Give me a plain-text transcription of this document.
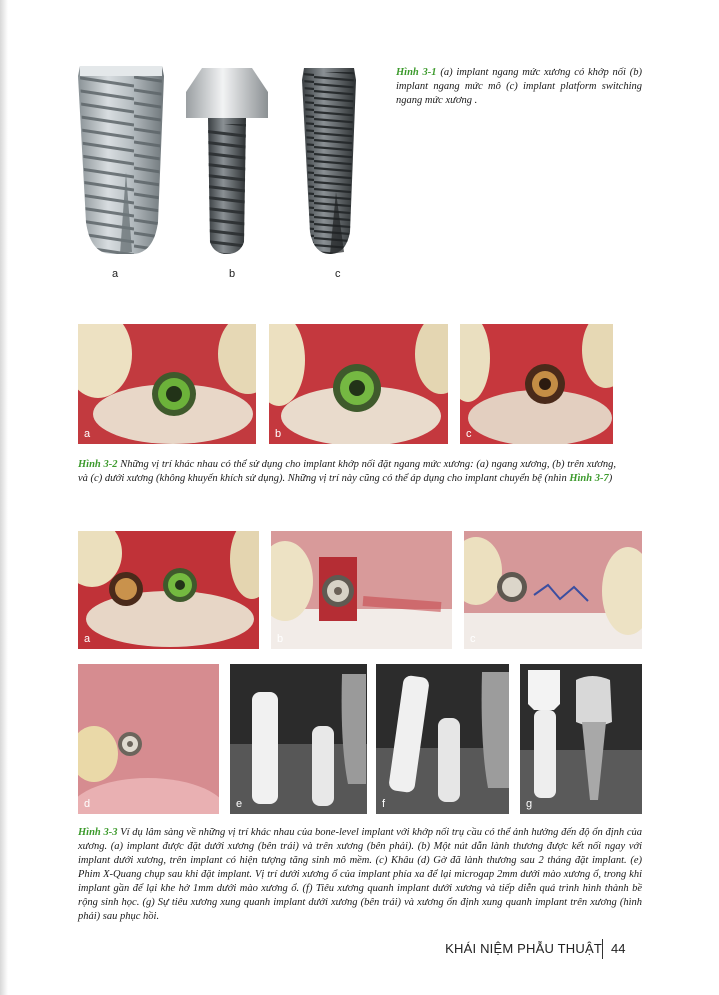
a	b	c
Hình 3-1 (a) implant ngang mức xương có khớp nối (b) implant ngang mức mô (c) implant platform switching ngang mức xương .
a	b	c
Hình 3-2 Những vị trí khác nhau có thể sử dụng cho implant khớp nối đặt ngang mức xương: (a) ngang xương, (b) trên xương, và (c) dưới xương (không khuyến khích sử dụng). Những vị trí này cũng có thể áp dụng cho implant chuyển bệ (nhìn Hình 3-7)
a	b	c
d	e	f	g
Hình 3-3 Ví dụ lâm sàng về những vị trí khác nhau của bone-level implant với khớp nối trụ cầu có thể ảnh hưởng đến độ ổn định của xương. (a) implant được đặt dưới xương (bên trái) và trên xương (bên phải). (b) Một nút dẫn lành thương được kết nối ngay với implant dưới xương, trên implant có hiện tượng tăng sinh mô mềm. (c) Khâu (d) Gờ đã lành thương sau 2 tháng đặt implant. (e) Phim X-Quang chụp sau khi đặt implant. Vị trí dưới xương ổ của implant phía xa để lại microgap 2mm dưới mào xương ổ, trong khi implant gần để lại khe hở 1mm dưới mào xương ổ. (f) Tiêu xương quanh implant dưới xương và tiếp diễn quá trình hình thành bề rộng sinh học. (g) Sự tiêu xương xung quanh implant dưới xương (bên trái) và xương ổn định xung quanh implant trên xương (hình phải) sau phục hồi.
KHÁI NIỆM PHẪU THUẬT 44
